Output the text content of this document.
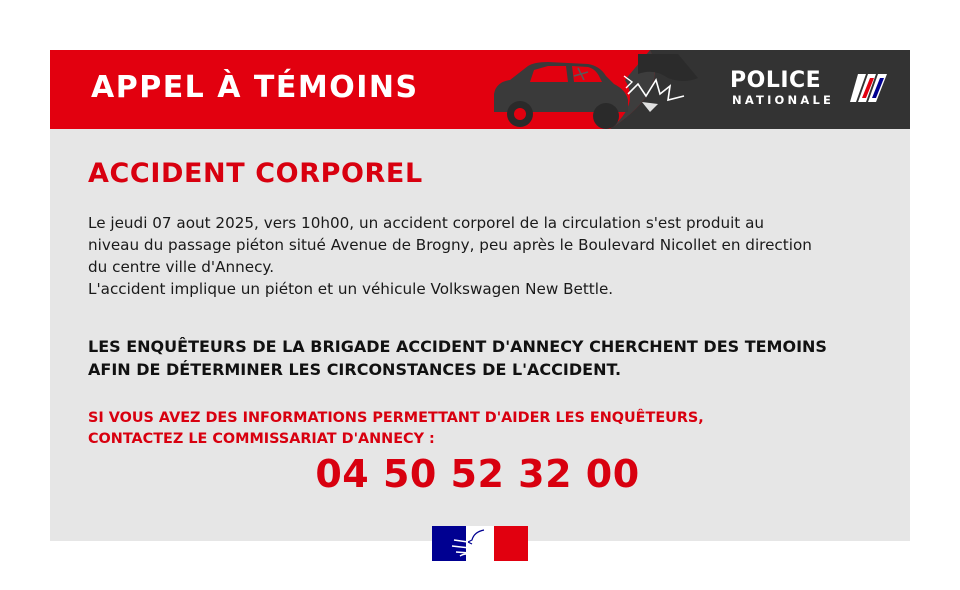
APPEL À TÉMOINS	POLICE

NATIONALE

ACCIDENT CORPOREL

Le jeudi 07 aout 2025, vers 10h00, un accident corporel de la circulation s'est produit au
niveau du passage piéton situé Avenue de Brogny, peu après le Boulevard Nicollet en direction
du centre ville d'Annecy.
L'accident implique un piéton et un véhicule Volkswagen New Bettle.

LES ENQUÊTEURS DE LA BRIGADE ACCIDENT D'ANNECY CHERCHENT DES TEMOINS
AFIN DE DÉTERMINER LES CIRCONSTANCES DE L'ACCIDENT.

SI VOUS AVEZ DES INFORMATIONS PERMETTANT D'AIDER LES ENQUÊTEURS,
CONTACTEZ LE COMMISSARIAT D'ANNECY :

04 50 52 32 00
